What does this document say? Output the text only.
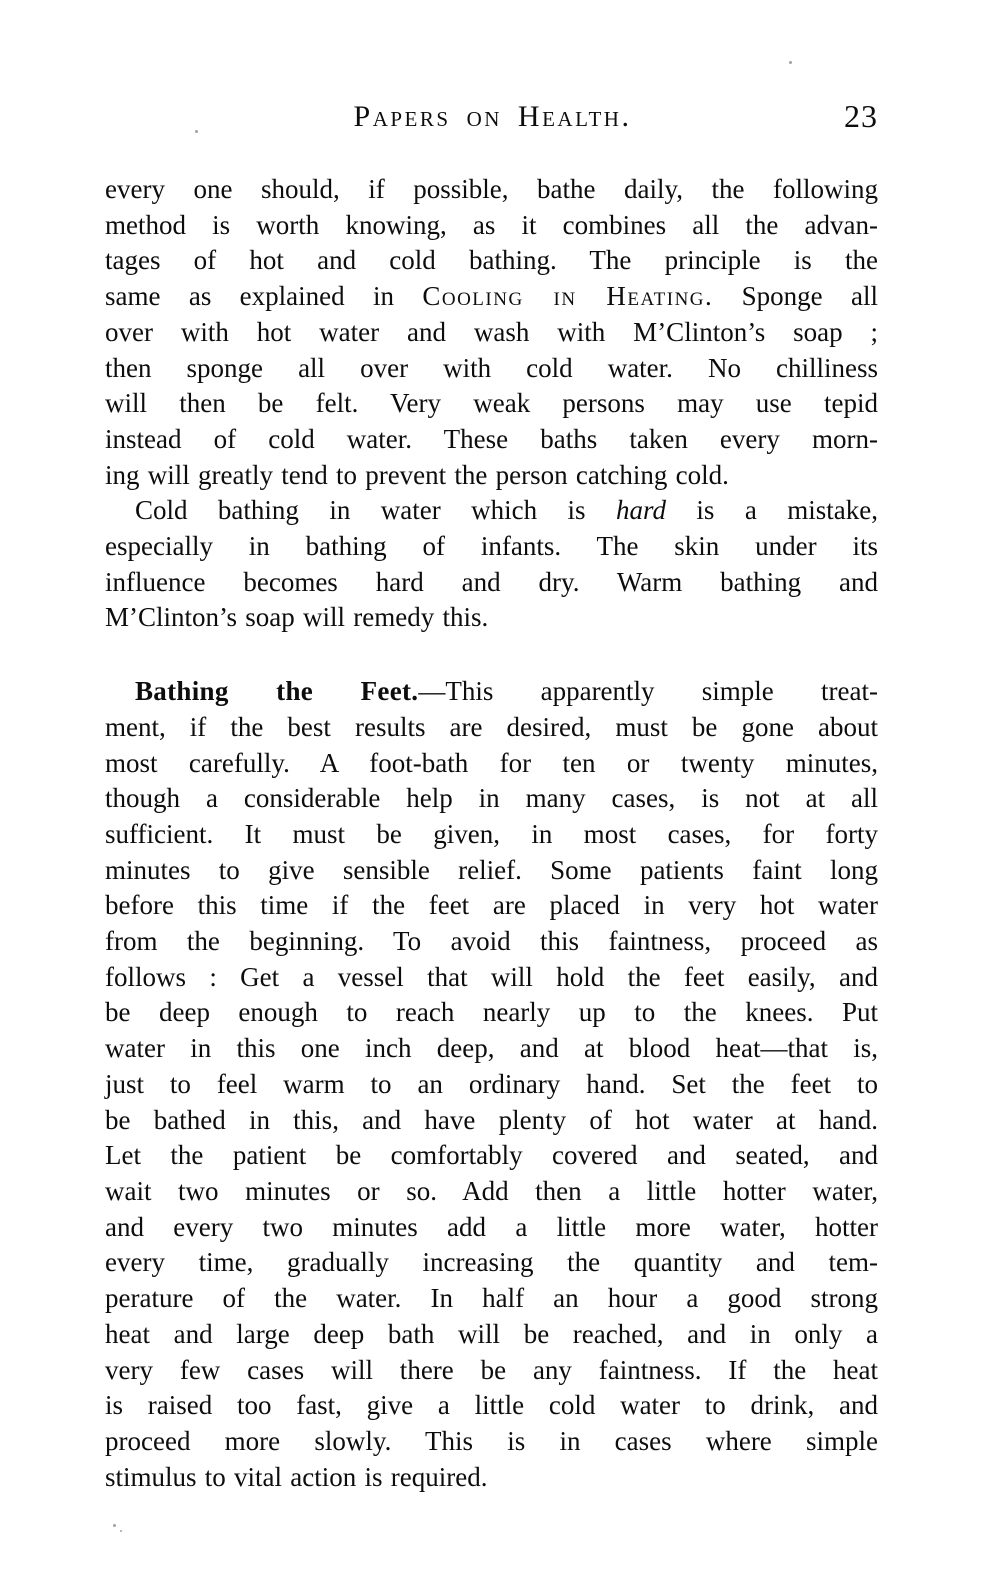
Papers on Health.	23
every one should, if possible, bathe daily, the following
method is worth knowing, as it combines all the advan-
tages of hot and cold bathing. The principle is the
same as explained in Cooling in Heating. Sponge all
over with hot water and wash with M’Clinton’s soap ;
then sponge all over with cold water. No chilliness
will then be felt. Very weak persons may use tepid
instead of cold water. These baths taken every morn-
ing will greatly tend to prevent the person catching cold.
Cold bathing in water which is hard is a mistake,
especially in bathing of infants. The skin under its
influence becomes hard and dry. Warm bathing and
M’Clinton’s soap will remedy this.
Bathing the Feet.—This apparently simple treat-
ment, if the best results are desired, must be gone about
most carefully. A foot-bath for ten or twenty minutes,
though a considerable help in many cases, is not at all
sufficient. It must be given, in most cases, for forty
minutes to give sensible relief. Some patients faint long
before this time if the feet are placed in very hot water
from the beginning. To avoid this faintness, proceed as
follows : Get a vessel that will hold the feet easily, and
be deep enough to reach nearly up to the knees. Put
water in this one inch deep, and at blood heat—that is,
just to feel warm to an ordinary hand. Set the feet to
be bathed in this, and have plenty of hot water at hand.
Let the patient be comfortably covered and seated, and
wait two minutes or so. Add then a little hotter water,
and every two minutes add a little more water, hotter
every time, gradually increasing the quantity and tem-
perature of the water. In half an hour a good strong
heat and large deep bath will be reached, and in only a
very few cases will there be any faintness. If the heat
is raised too fast, give a little cold water to drink, and
proceed more slowly. This is in cases where simple
stimulus to vital action is required.
